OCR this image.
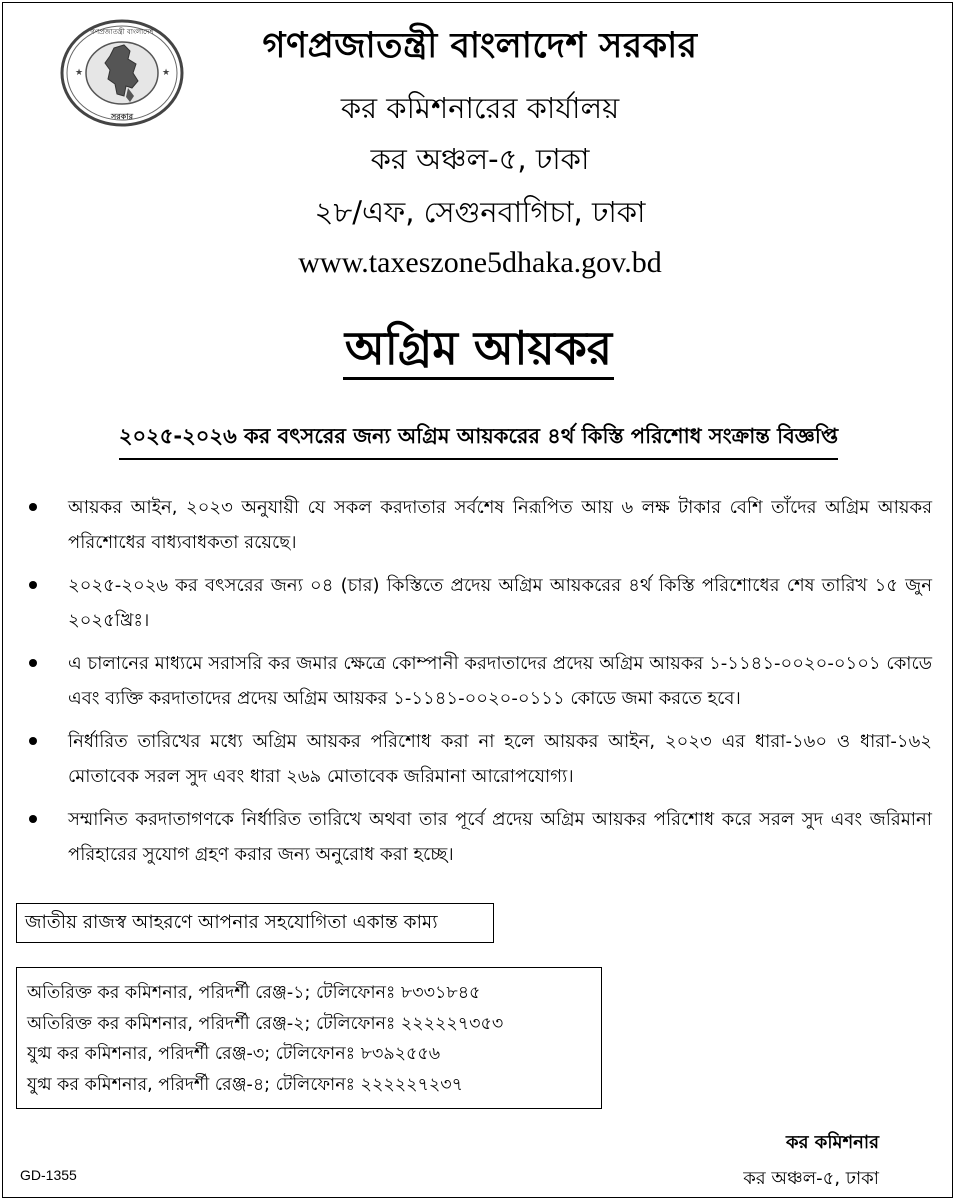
★	★
গণপ্রজাতন্ত্রী বাংলাদেশ
সরকার
গণপ্রজাতন্ত্রী বাংলাদেশ সরকার
কর কমিশনারের কার্যালয়
কর অঞ্চল-৫, ঢাকা
২৮/এফ, সেগুনবাগিচা, ঢাকা
www.taxeszone5dhaka.gov.bd
অগ্রিম আয়কর
২০২৫-২০২৬ কর বৎসরের জন্য অগ্রিম আয়করের ৪র্থ কিস্তি পরিশোধ সংক্রান্ত বিজ্ঞপ্তি
আয়কর আইন, ২০২৩ অনুযায়ী যে সকল করদাতার সর্বশেষ নিরূপিত আয় ৬ লক্ষ টাকার বেশি তাঁদের অগ্রিম আয়কর পরিশোধের বাধ্যবাধকতা রয়েছে।
২০২৫-২০২৬ কর বৎসরের জন্য ০৪ (চার) কিস্তিতে প্রদেয় অগ্রিম আয়করের ৪র্থ কিস্তি পরিশোধের শেষ তারিখ ১৫ জুন ২০২৫খ্রিঃ।
এ চালানের মাধ্যমে সরাসরি কর জমার ক্ষেত্রে কোম্পানী করদাতাদের প্রদেয় অগ্রিম আয়কর ১-১১৪১-০০২০-০১০১ কোডে এবং ব্যক্তি করদাতাদের প্রদেয় অগ্রিম আয়কর ১-১১৪১-০০২০-০১১১ কোডে জমা করতে হবে।
নির্ধারিত তারিখের মধ্যে অগ্রিম আয়কর পরিশোধ করা না হলে আয়কর আইন, ২০২৩ এর ধারা-১৬০ ও ধারা-১৬২ মোতাবেক সরল সুদ এবং ধারা ২৬৯ মোতাবেক জরিমানা আরোপযোগ্য।
সম্মানিত করদাতাগণকে নির্ধারিত তারিখে অথবা তার পূর্বে প্রদেয় অগ্রিম আয়কর পরিশোধ করে সরল সুদ এবং জরিমানা পরিহারের সুযোগ গ্রহণ করার জন্য অনুরোধ করা হচ্ছে।
জাতীয় রাজস্ব আহরণে আপনার সহযোগিতা একান্ত কাম্য
অতিরিক্ত কর কমিশনার, পরিদর্শী রেঞ্জ-১; টেলিফোনঃ ৮৩৩১৮৪৫
অতিরিক্ত কর কমিশনার, পরিদর্শী রেঞ্জ-২; টেলিফোনঃ ২২২২২৭৩৫৩
যুগ্ম কর কমিশনার, পরিদর্শী রেঞ্জ-৩; টেলিফোনঃ ৮৩৯২৫৫৬
যুগ্ম কর কমিশনার, পরিদর্শী রেঞ্জ-৪; টেলিফোনঃ ২২২২২৭২৩৭
কর কমিশনার
কর অঞ্চল-৫, ঢাকা
GD-1355
